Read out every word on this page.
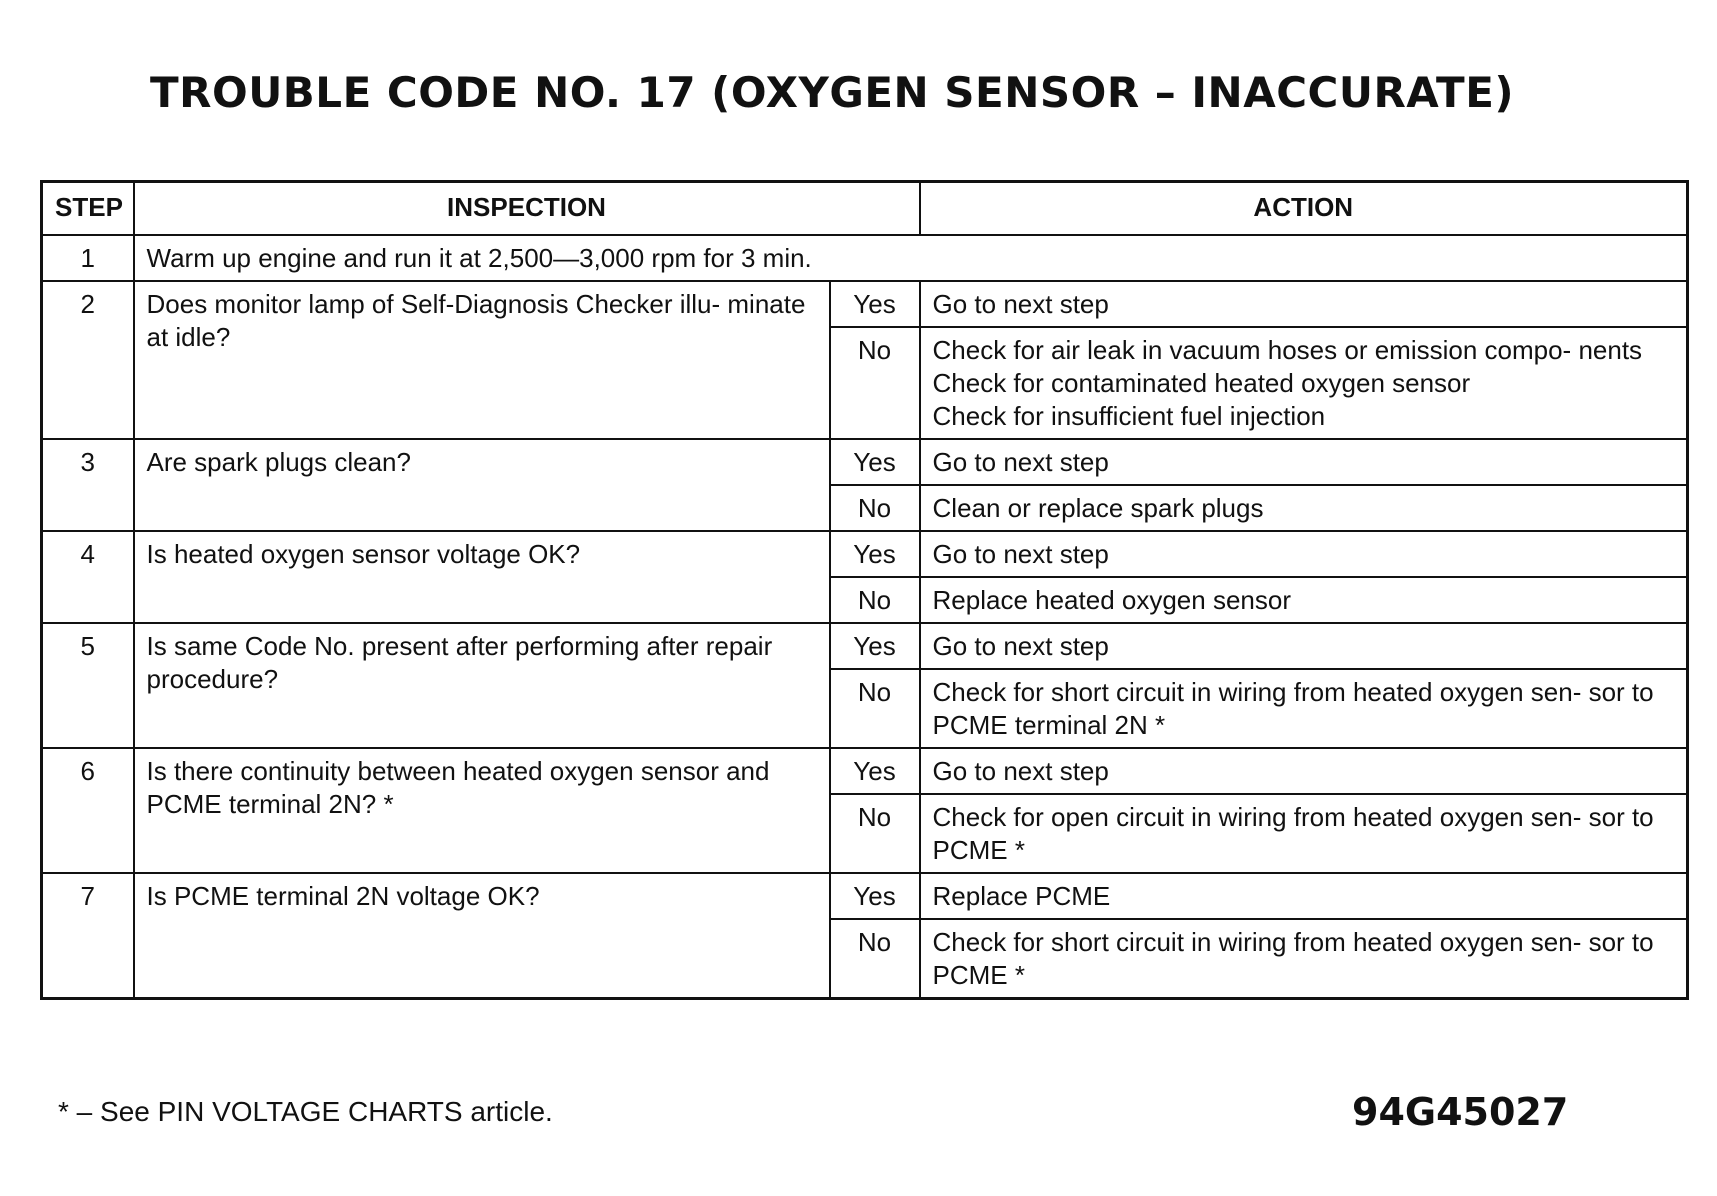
TROUBLE CODE NO. 17 (OXYGEN SENSOR – INACCURATE)
STEP	INSPECTION		ACTION
1	Warm up engine and run it at 2,500—3,000 rpm for 3 min.		
2	Does monitor lamp of Self-Diagnosis Checker illu- minate at idle?	Yes	Go to next step

		No	Check for air leak in vacuum hoses or emission compo- nents
Check for contaminated heated oxygen sensor
Check for insufficient fuel injection

3	Are spark plugs clean?	Yes	Go to next step

		No	Clean or replace spark plugs

4	Is heated oxygen sensor voltage OK?	Yes	Go to next step

		No	Replace heated oxygen sensor

5	Is same Code No. present after performing after repair procedure?	Yes	Go to next step

		No	Check for short circuit in wiring from heated oxygen sen- sor to PCME terminal 2N *

6	Is there continuity between heated oxygen sensor and PCME terminal 2N? *	Yes	Go to next step

		No	Check for open circuit in wiring from heated oxygen sen- sor to PCME *

7	Is PCME terminal 2N voltage OK?	Yes	Replace PCME

		No	Check for short circuit in wiring from heated oxygen sen- sor to PCME *
* – See PIN VOLTAGE CHARTS article.	94G45027
